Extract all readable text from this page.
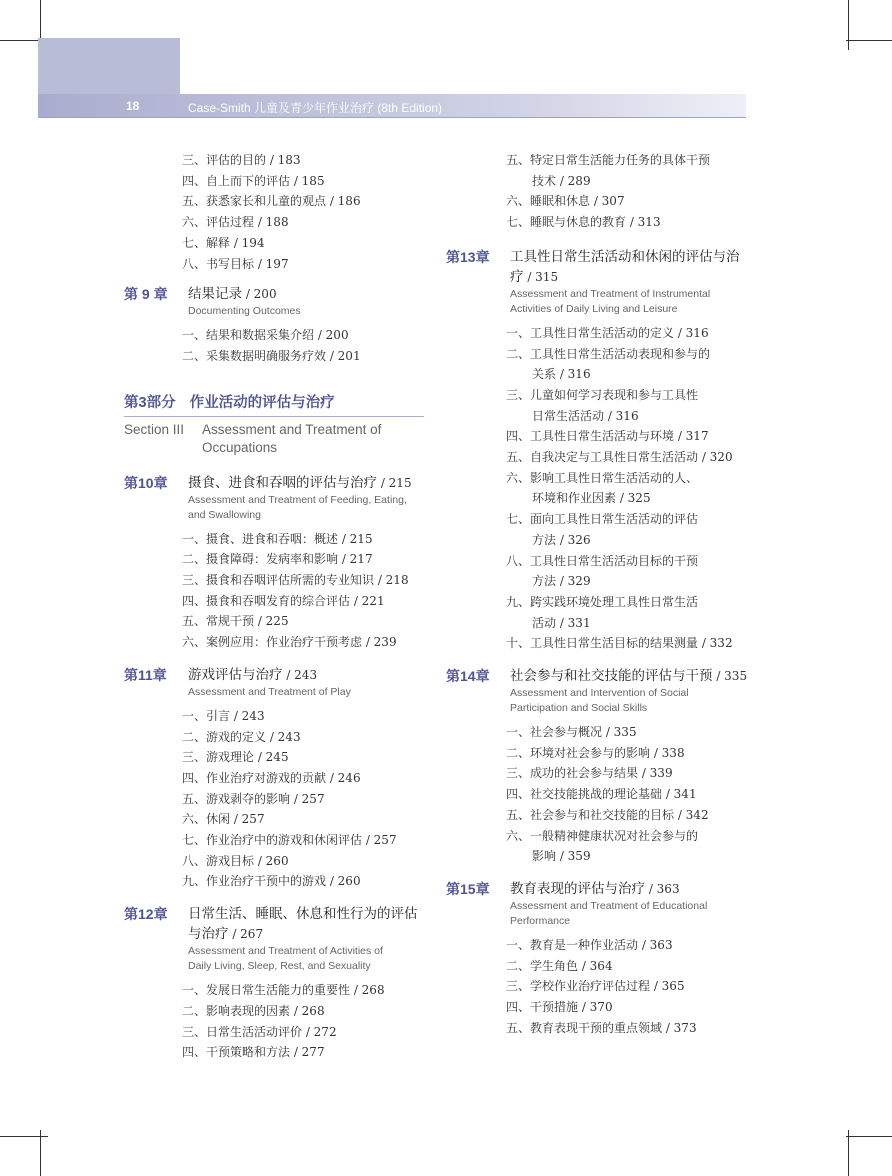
18	Case-Smith 儿童及青少年作业治疗 (8th Edition)
三、评估的目的 / 183
四、自上而下的评估 / 185
五、获悉家长和儿童的观点 / 186
六、评估过程 / 188
七、解释 / 194
八、书写目标 / 197
第 9 章	结果记录 / 200
Documenting Outcomes
一、结果和数据采集介绍 / 200
二、采集数据明确服务疗效 / 201
第3部分 作业活动的评估与治疗
Section III	Assessment and Treatment of Occupations
第10章	摄食、进食和吞咽的评估与治疗 / 215
Assessment and Treatment of Feeding, Eating, and Swallowing
一、摄食、进食和吞咽：概述 / 215
二、摄食障碍：发病率和影响 / 217
三、摄食和吞咽评估所需的专业知识 / 218
四、摄食和吞咽发育的综合评估 / 221
五、常规干预 / 225
六、案例应用：作业治疗干预考虑 / 239
第11章	游戏评估与治疗 / 243
Assessment and Treatment of Play
一、引言 / 243
二、游戏的定义 / 243
三、游戏理论 / 245
四、作业治疗对游戏的贡献 / 246
五、游戏剥夺的影响 / 257
六、休闲 / 257
七、作业治疗中的游戏和休闲评估 / 257
八、游戏目标 / 260
九、作业治疗干预中的游戏 / 260
第12章	日常生活、睡眠、休息和性行为的评估与治疗 / 267
Assessment and Treatment of Activities of Daily Living, Sleep, Rest, and Sexuality
一、发展日常生活能力的重要性 / 268
二、影响表现的因素 / 268
三、日常生活活动评价 / 272
四、干预策略和方法 / 277
五、特定日常生活能力任务的具体干预
技术 / 289
六、睡眠和休息 / 307
七、睡眠与休息的教育 / 313
第13章	工具性日常生活活动和休闲的评估与治疗 / 315
Assessment and Treatment of Instrumental Activities of Daily Living and Leisure
一、工具性日常生活活动的定义 / 316
二、工具性日常生活活动表现和参与的
关系 / 316
三、儿童如何学习表现和参与工具性
日常生活活动 / 316
四、工具性日常生活活动与环境 / 317
五、自我决定与工具性日常生活活动 / 320
六、影响工具性日常生活活动的人、
环境和作业因素 / 325
七、面向工具性日常生活活动的评估
方法 / 326
八、工具性日常生活活动目标的干预
方法 / 329
九、跨实践环境处理工具性日常生活
活动 / 331
十、工具性日常生活目标的结果测量 / 332
第14章	社会参与和社交技能的评估与干预 / 335
Assessment and Intervention of Social Participation and Social Skills
一、社会参与概况 / 335
二、环境对社会参与的影响 / 338
三、成功的社会参与结果 / 339
四、社交技能挑战的理论基础 / 341
五、社会参与和社交技能的目标 / 342
六、一般精神健康状况对社会参与的
影响 / 359
第15章	教育表现的评估与治疗 / 363
Assessment and Treatment of Educational Performance
一、教育是一种作业活动 / 363
二、学生角色 / 364
三、学校作业治疗评估过程 / 365
四、干预措施 / 370
五、教育表现干预的重点领域 / 373
